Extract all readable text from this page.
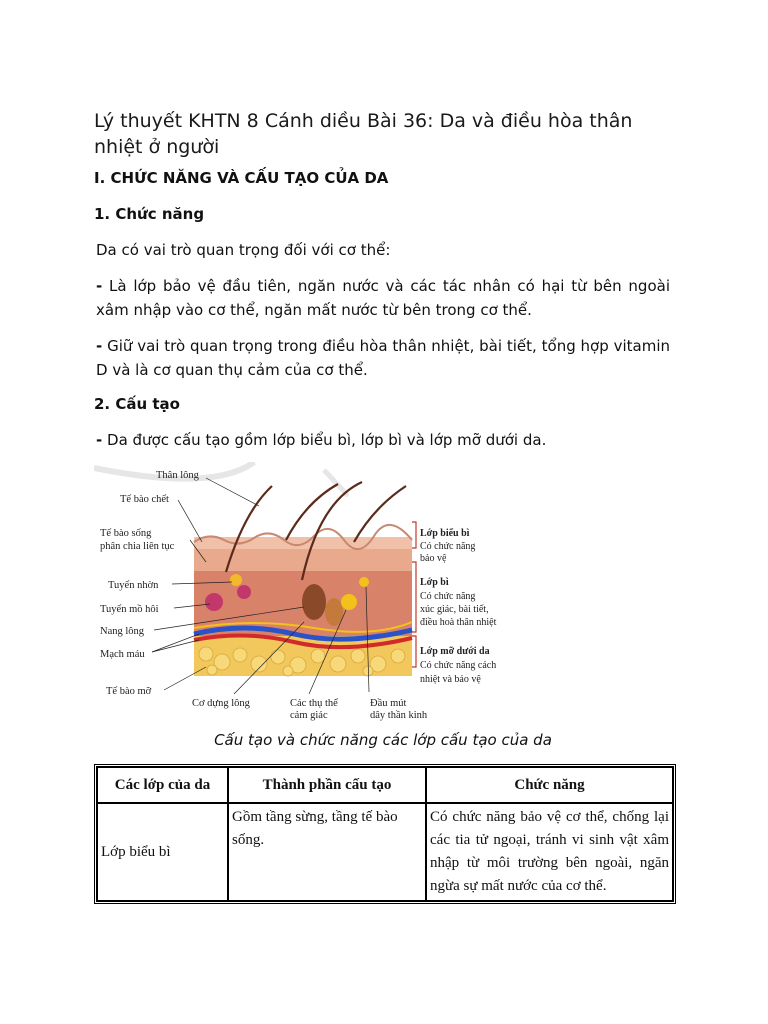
Lý thuyết KHTN 8 Cánh diều Bài 36: Da và điều hòa thân nhiệt ở người
I. CHỨC NĂNG VÀ CẤU TẠO CỦA DA
1. Chức năng
Da có vai trò quan trọng đối với cơ thể:
- Là lớp bảo vệ đầu tiên, ngăn nước và các tác nhân có hại từ bên ngoài xâm nhập vào cơ thể, ngăn mất nước từ bên trong cơ thể.
- Giữ vai trò quan trọng trong điều hòa thân nhiệt, bài tiết, tổng hợp vitamin D và là cơ quan thụ cảm của cơ thể.
2. Cấu tạo
- Da được cấu tạo gồm lớp biểu bì, lớp bì và lớp mỡ dưới da.
Thân lông
Tế bào chết
Tế bào sống
phân chia liên tục
Tuyến nhờn
Tuyến mồ hôi
Nang lông
Mạch máu
Tế bào mỡ
Cơ dựng lông	Các thụ thể
cảm giác
Đầu mút
dây thần kinh
Lớp biểu bì
Có chức năng
bảo vệ
Lớp bì
Có chức năng
xúc giác, bài tiết,
điều hoà thân nhiệt
Lớp mỡ dưới da
Có chức năng cách
nhiệt và bảo vệ
Cấu tạo và chức năng các lớp cấu tạo của da
Các lớp của da	Thành phần cấu tạo	Chức năng
Lớp biểu bì	Gồm tầng sừng, tầng tế bào sống.	Có chức năng bảo vệ cơ thể, chống lại các tia tử ngoại, tránh vi sinh vật xâm nhập từ môi trường bên ngoài, ngăn ngừa sự mất nước của cơ thể.
